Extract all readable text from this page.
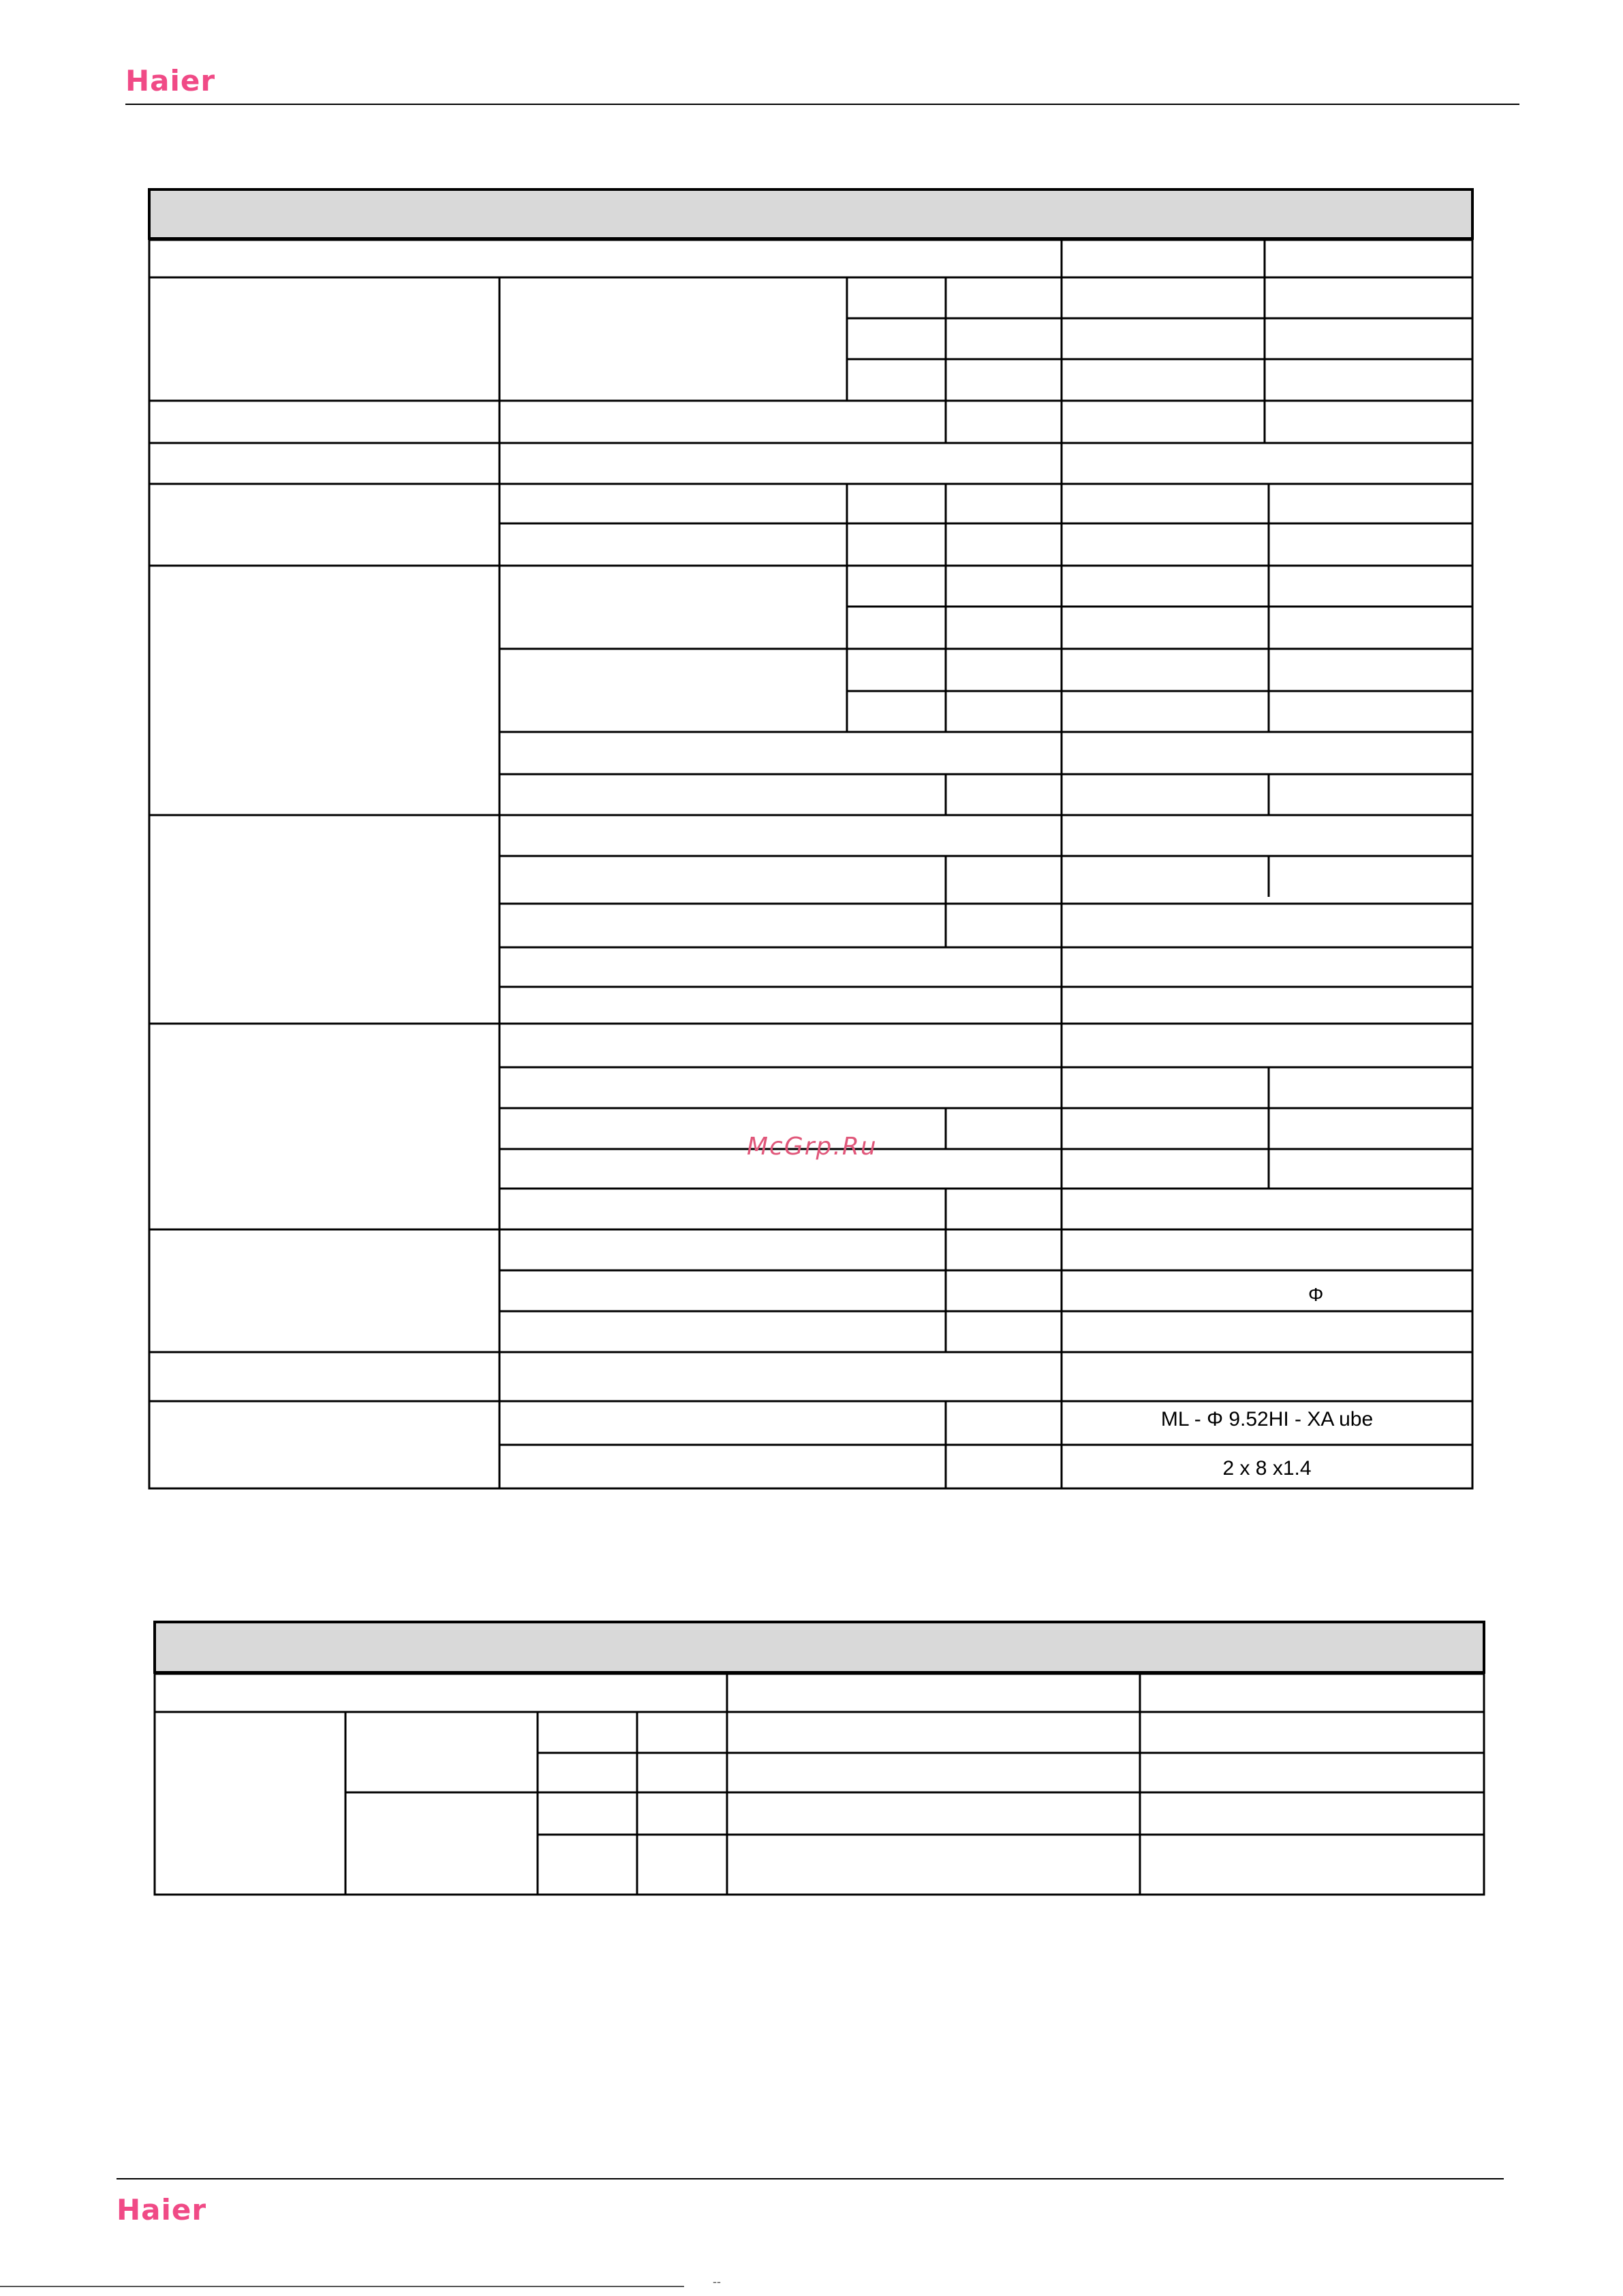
Haier
Φ
ML - Φ 9.52HI - XA ube
2 x 8 x1.4
McGrp.Ru
Haier
--
